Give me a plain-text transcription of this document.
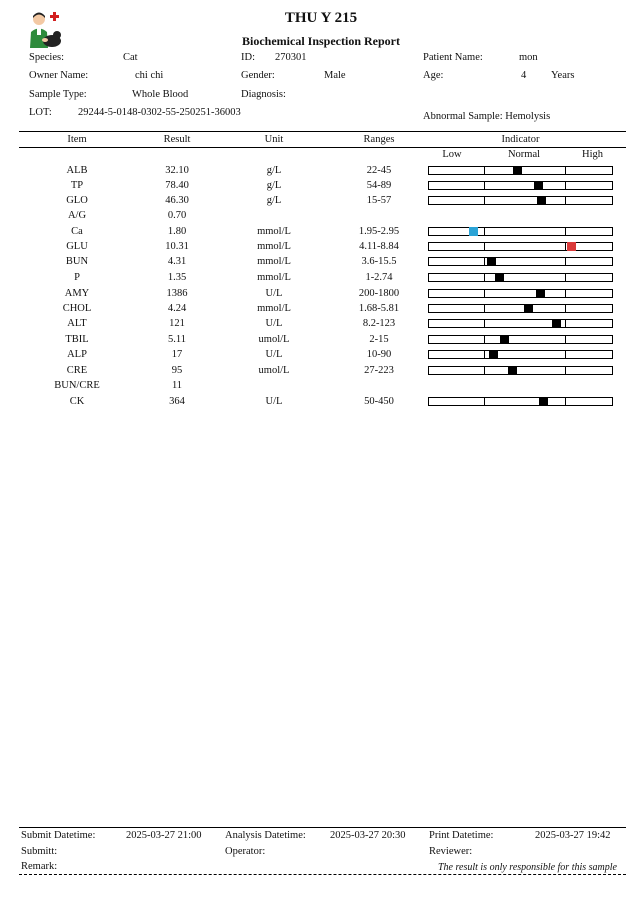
THU Y 215
Biochemical Inspection Report
Species:	Cat	ID: 270301	Patient Name:	mon
Owner Name:	chi chi	Gender:	Male	Age:	4 Years
Sample Type:	Whole Blood	Diagnosis:
LOT: 29244-5-0148-0302-55-250251-36003	Abnormal Sample: Hemolysis
Item	Result	Unit	Ranges	Indicator
Low	Normal	High
ALB	32.10	g/L	22-45
TP	78.40	g/L	54-89
GLO	46.30	g/L	15-57
A/G	0.70
Ca	1.80	mmol/L	1.95-2.95
GLU	10.31	mmol/L	4.11-8.84
BUN	4.31	mmol/L	3.6-15.5
P	1.35	mmol/L	1-2.74
AMY	1386	U/L	200-1800
CHOL	4.24	mmol/L	1.68-5.81
ALT	121	U/L	8.2-123
TBIL	5.11	umol/L	2-15
ALP	17	U/L	10-90
CRE	95	umol/L	27-223
BUN/CRE	11
CK	364	U/L	50-450
Submit Datetime:	2025-03-27 21:00 Analysis Datetime: 2025-03-27 20:30 Print Datetime:	2025-03-27 19:42
Submitt:	Operator:	Reviewer:
Remark:	The result is only responsible for this sample
